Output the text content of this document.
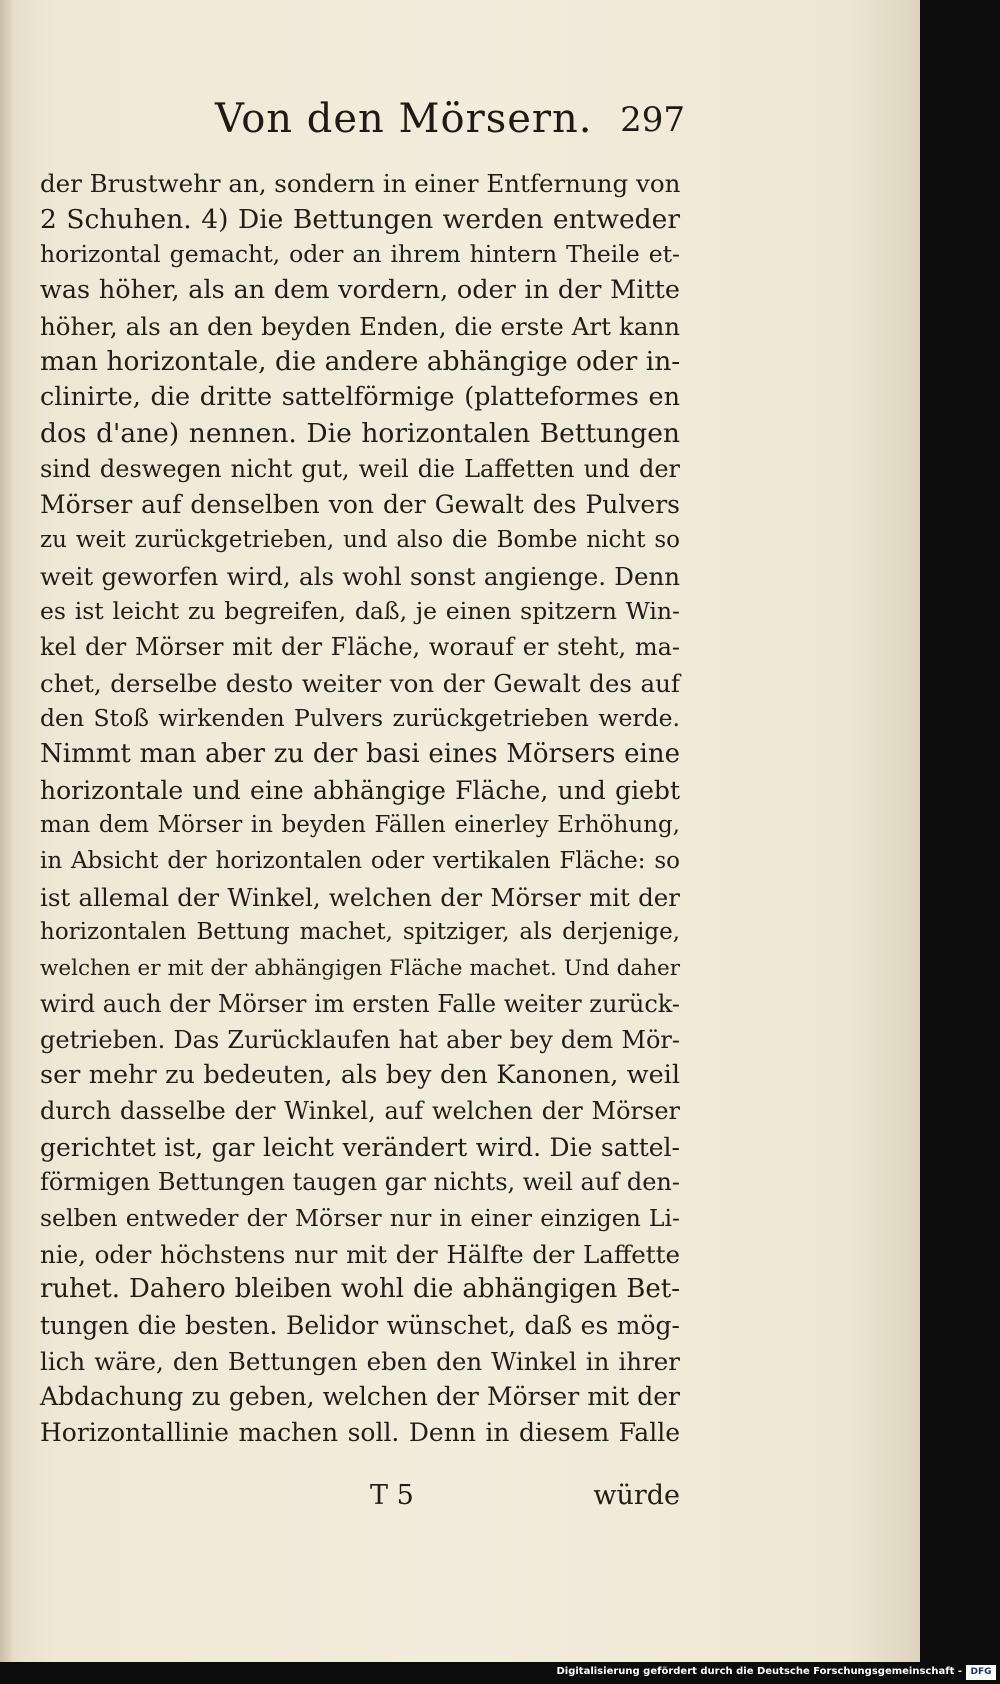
Von den Mörsern. 297
der Brustwehr an, sondern in einer Entfernung von
2 Schuhen. 4) Die Bettungen werden entweder
horizontal gemacht, oder an ihrem hintern Theile et-
was höher, als an dem vordern, oder in der Mitte
höher, als an den beyden Enden, die erste Art kann
man horizontale, die andere abhängige oder in-
clinirte, die dritte sattelförmige (platteformes en
dos d'ane) nennen. Die horizontalen Bettungen
sind deswegen nicht gut, weil die Laffetten und der
Mörser auf denselben von der Gewalt des Pulvers
zu weit zurückgetrieben, und also die Bombe nicht so
weit geworfen wird, als wohl sonst angienge. Denn
es ist leicht zu begreifen, daß, je einen spitzern Win-
kel der Mörser mit der Fläche, worauf er steht, ma-
chet, derselbe desto weiter von der Gewalt des auf
den Stoß wirkenden Pulvers zurückgetrieben werde.
Nimmt man aber zu der basi eines Mörsers eine
horizontale und eine abhängige Fläche, und giebt
man dem Mörser in beyden Fällen einerley Erhöhung,
in Absicht der horizontalen oder vertikalen Fläche: so
ist allemal der Winkel, welchen der Mörser mit der
horizontalen Bettung machet, spitziger, als derjenige,
welchen er mit der abhängigen Fläche machet. Und daher
wird auch der Mörser im ersten Falle weiter zurück-
getrieben. Das Zurücklaufen hat aber bey dem Mör-
ser mehr zu bedeuten, als bey den Kanonen, weil
durch dasselbe der Winkel, auf welchen der Mörser
gerichtet ist, gar leicht verändert wird. Die sattel-
förmigen Bettungen taugen gar nichts, weil auf den-
selben entweder der Mörser nur in einer einzigen Li-
nie, oder höchstens nur mit der Hälfte der Laffette
ruhet. Dahero bleiben wohl die abhängigen Bet-
tungen die besten. Belidor wünschet, daß es mög-
lich wäre, den Bettungen eben den Winkel in ihrer
Abdachung zu geben, welchen der Mörser mit der
Horizontallinie machen soll. Denn in diesem Falle
T 5	würde
Digitalisierung gefördert durch die Deutsche Forschungsgemeinschaft - DFG
